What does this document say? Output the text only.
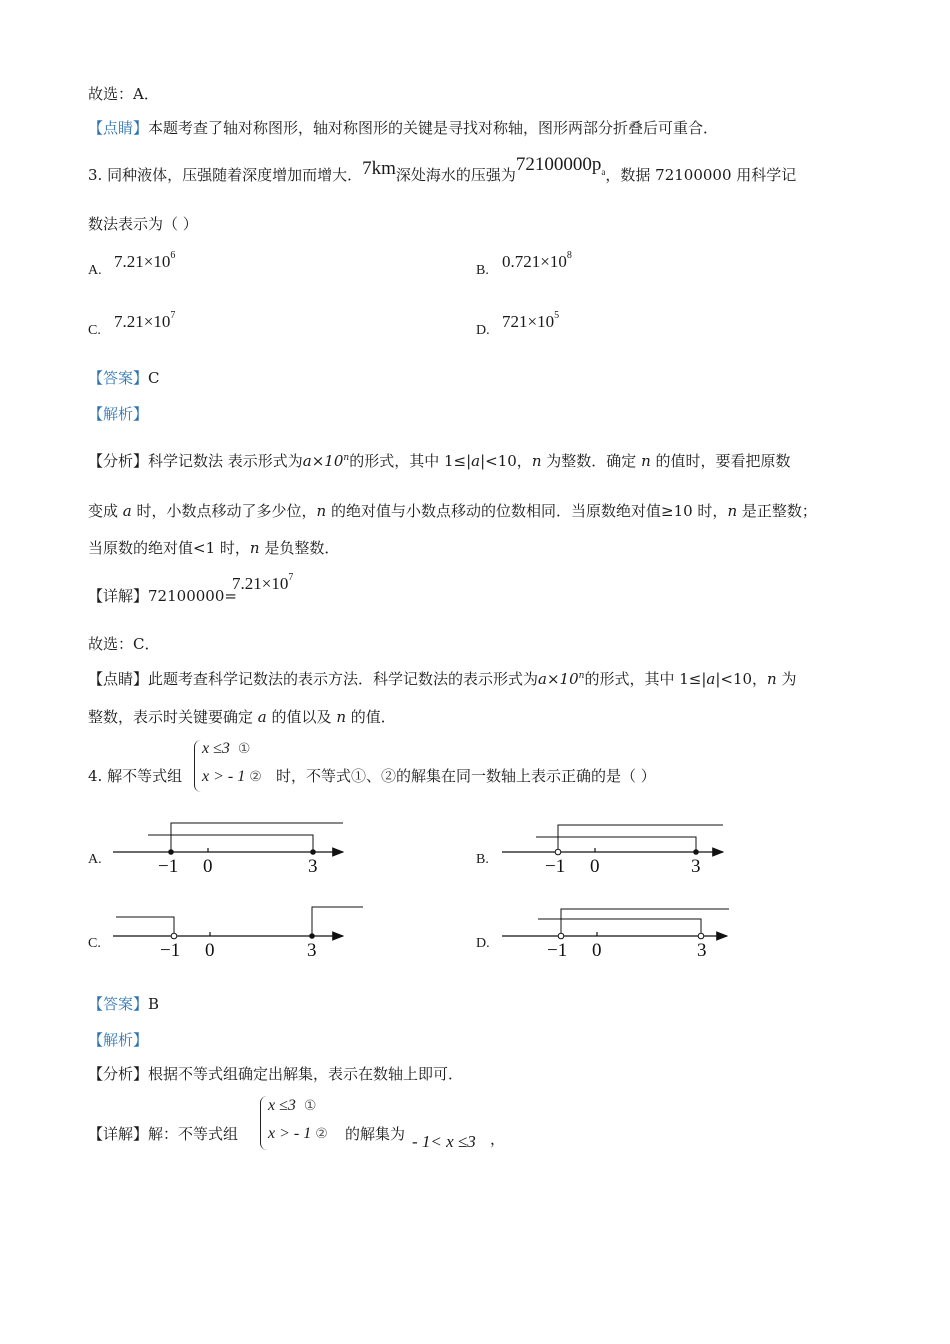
故选：A．
【点睛】本题考查了轴对称图形，轴对称图形的关键是寻找对称轴，图形两部分折叠后可重合．
3. 同种液体，压强随着深度增加而增大．7km深处海水的压强为$72100000p_a$，数据 72100000 用科学记
数法表示为（ ）
A. $7.21\times 10^6$
B. $0.721\times 10^8$
C. $7.21\times 10^7$
D. $721\times 10^5$
【答案】C
【解析】
【分析】科学记数法 表示形式为$a\times 10^n$的形式，其中 1≤|a|<10，n 为整数．确定 n 的值时，要看把原数
变成 a 时，小数点移动了多少位，n 的绝对值与小数点移动的位数相同．当原数绝对值≥10 时，n 是正整数；
当原数的绝对值<1 时，n 是负整数．
【详解】72100000=
$7.21\times 10^7$
故选：C．
【点睛】此题考查科学记数法的表示方法．科学记数法的表示形式为$a\times 10^n$的形式，其中 1≤|a|<10，n 为
整数，表示时关键要确定 a 的值以及 n 的值．
4. 解不等式组
x ≤3 ①
x > - 1 ② 时，不等式①、②的解集在同一数轴上表示正确的是（ ）
−1 0	3	−1 0	3
−1 0	3	−1 0	3
A.	B.
C.	D.
【答案】B
【解析】
【分析】根据不等式组确定出解集，表示在数轴上即可．
【详解】解：不等式组
x ≤3 ①
x > - 1 ② 的解集为 - 1< x ≤3 ，
